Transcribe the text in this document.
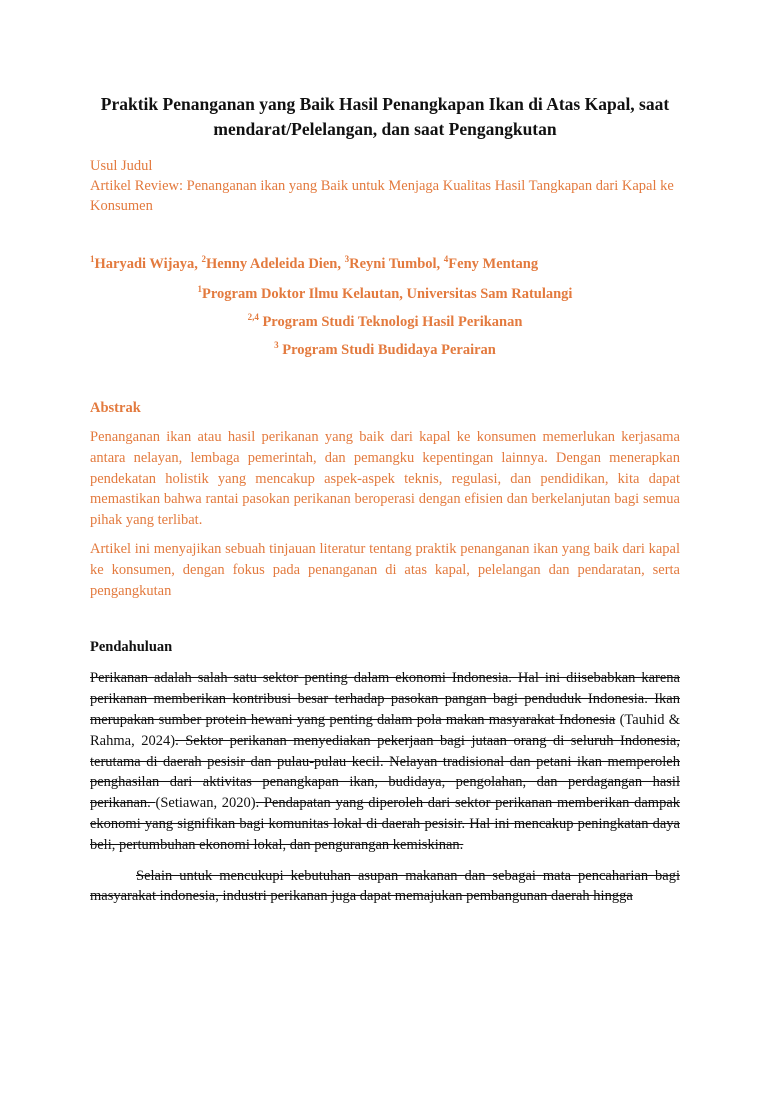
Praktik Penanganan yang Baik Hasil Penangkapan Ikan di Atas Kapal, saat mendarat/Pelelangan, dan saat Pengangkutan
Usul Judul
Artikel Review: Penanganan ikan yang Baik untuk Menjaga Kualitas Hasil Tangkapan dari Kapal ke Konsumen
$^1$Haryadi Wijaya, $^2$Henny Adeleida Dien, $^3$Reyni Tumbol, $^4$Feny Mentang
$^1$Program Doktor Ilmu Kelautan, Universitas Sam Ratulangi
$^{2,4}$ Program Studi Teknologi Hasil Perikanan
$^3$ Program Studi Budidaya Perairan
Abstrak

Penanganan ikan atau hasil perikanan yang baik dari kapal ke konsumen memerlukan kerjasama antara nelayan, lembaga pemerintah, dan pemangku kepentingan lainnya. Dengan menerapkan pendekatan holistik yang mencakup aspek-aspek teknis, regulasi, dan pendidikan, kita dapat memastikan bahwa rantai pasokan perikanan beroperasi dengan efisien dan berkelanjutan bagi semua pihak yang terlibat.

Artikel ini menyajikan sebuah tinjauan literatur tentang praktik penanganan ikan yang baik dari kapal ke konsumen, dengan fokus pada penanganan di atas kapal, pelelangan dan pendaratan, serta pengangkutan

Pendahuluan

Perikanan adalah salah satu sektor penting dalam ekonomi Indonesia. Hal ini diisebabkan karena perikanan memberikan kontribusi besar terhadap pasokan pangan bagi penduduk Indonesia. Ikan merupakan sumber protein hewani yang penting dalam pola makan masyarakat Indonesia (Tauhid & Rahma, 2024). Sektor perikanan menyediakan pekerjaan bagi jutaan orang di seluruh Indonesia, terutama di daerah pesisir dan pulau-pulau kecil. Nelayan tradisional dan petani ikan memperoleh penghasilan dari aktivitas penangkapan ikan, budidaya, pengolahan, dan perdagangan hasil perikanan. (Setiawan, 2020). Pendapatan yang diperoleh dari sektor perikanan memberikan dampak ekonomi yang signifikan bagi komunitas lokal di daerah pesisir. Hal ini mencakup peningkatan daya beli, pertumbuhan ekonomi lokal, dan pengurangan kemiskinan.

Selain untuk mencukupi kebutuhan asupan makanan dan sebagai mata pencaharian bagi masyarakat indonesia, industri perikanan juga dapat memajukan pembangunan daerah hingga
